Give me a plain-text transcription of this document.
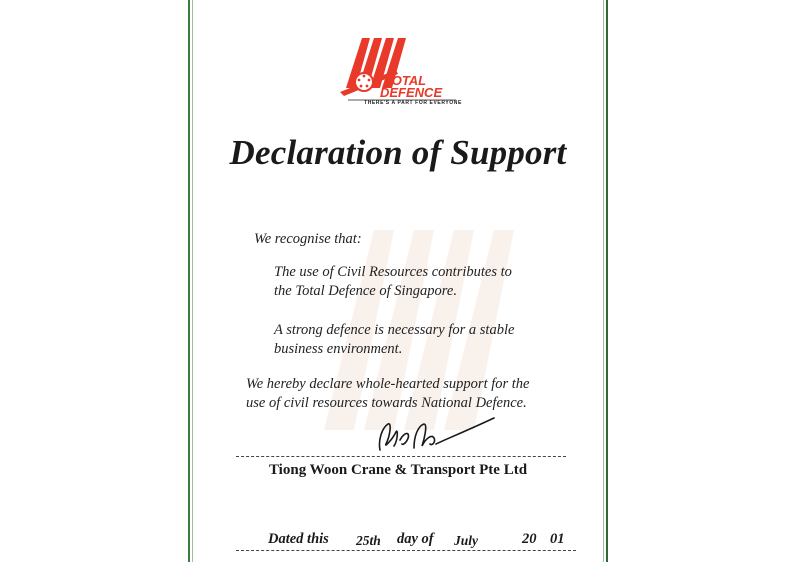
TOTAL
DEFENCE
THERE'S A PART FOR EVERYONE
Declaration of Support
We recognise that:
The use of Civil Resources contributes to
the Total Defence of Singapore.
A strong defence is necessary for a stable
business environment.
We hereby declare whole-hearted support for the
use of civil resources towards National Defence.
Tiong Woon Crane & Transport Pte Ltd
Dated this 25th day of July	20 01
